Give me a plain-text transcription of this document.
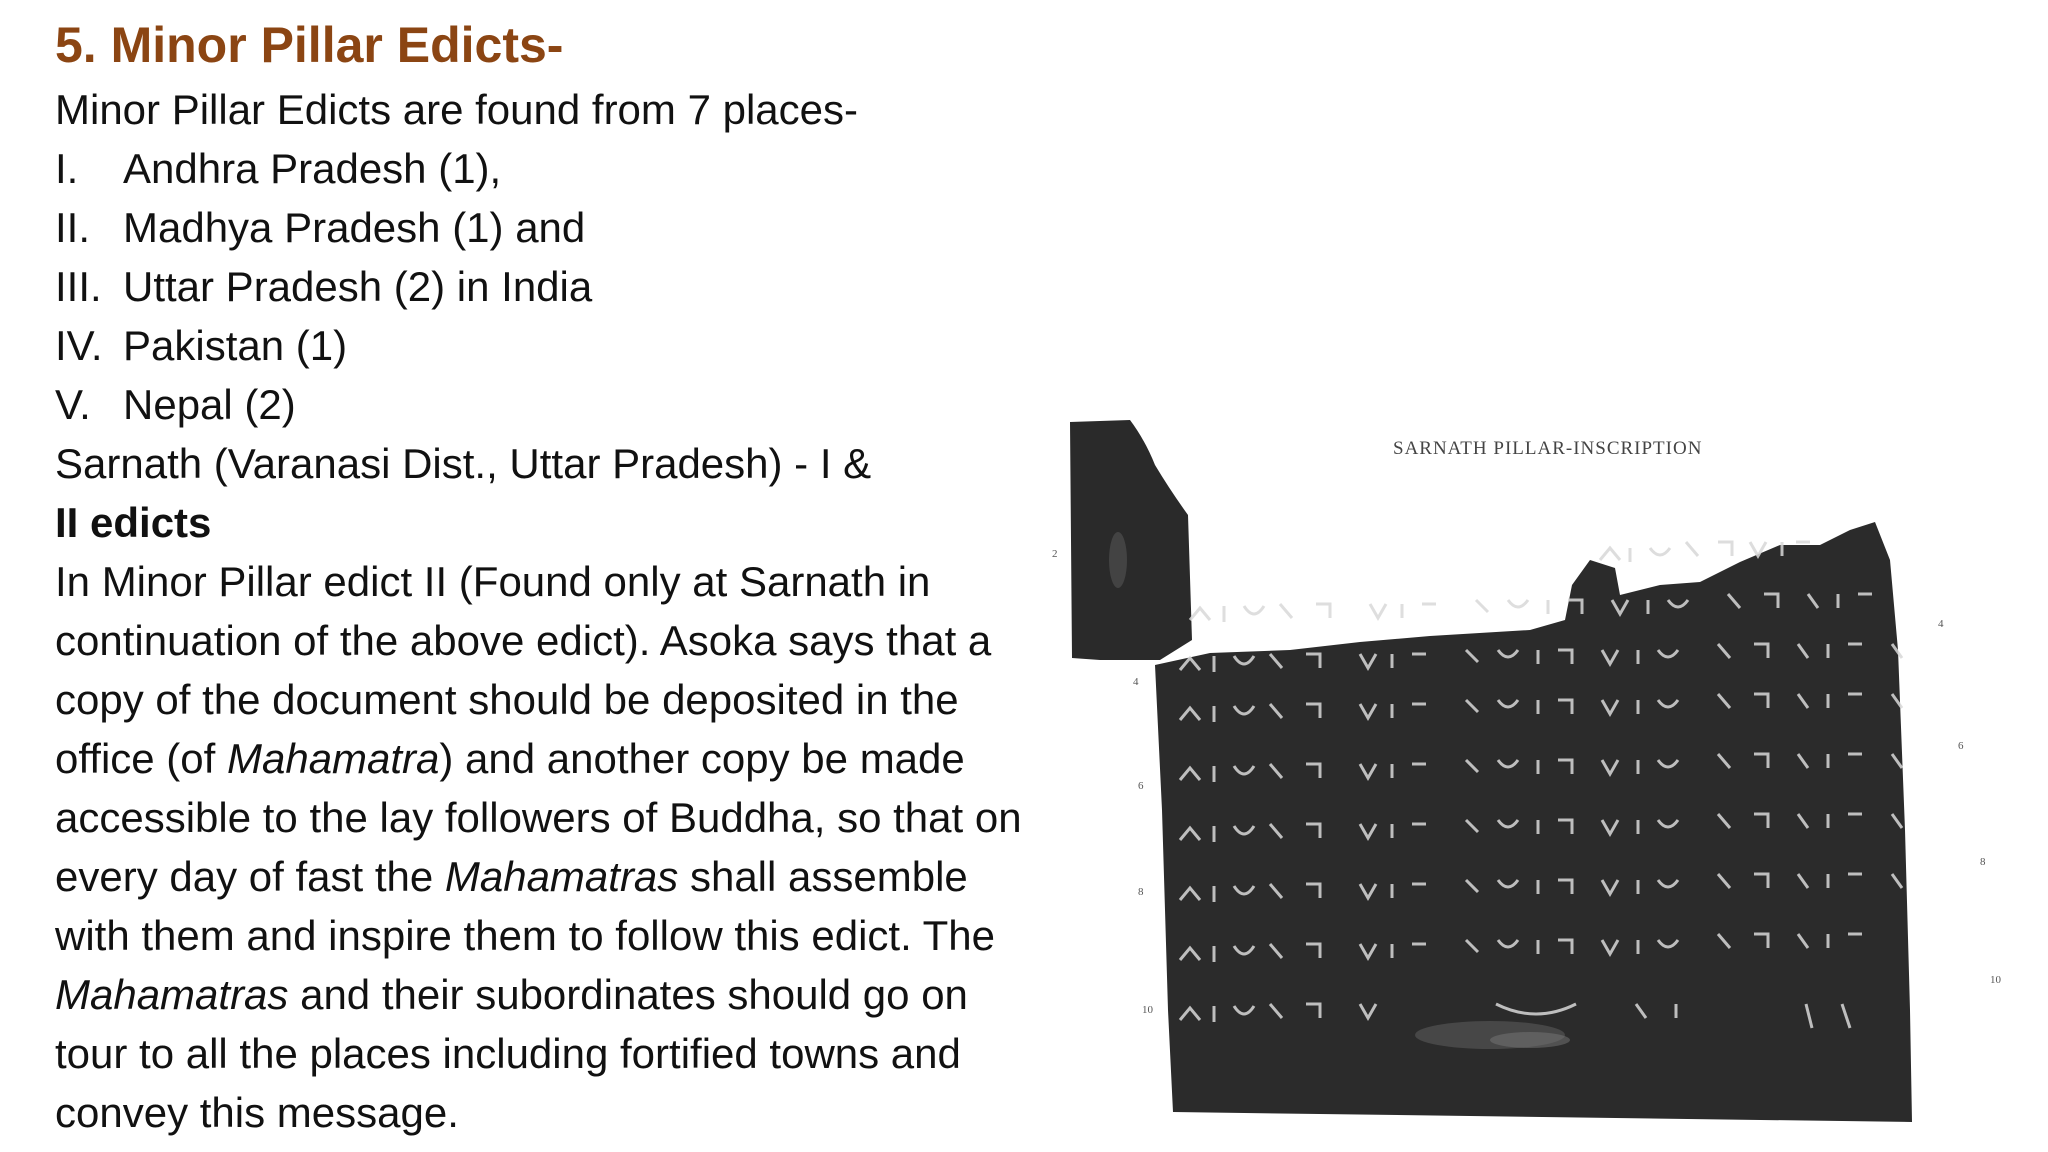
5. Minor Pillar Edicts-
Minor Pillar Edicts are found from 7 places-
I.	Andhra Pradesh (1),
II. Madhya Pradesh (1) and
III. Uttar Pradesh (2) in India
IV. Pakistan (1)
V. Nepal (2)
Sarnath (Varanasi Dist., Uttar Pradesh) - I &
II edicts
In Minor Pillar edict II (Found only at Sarnath in
continuation of the above edict). Asoka says that a
copy of the document should be deposited in the
office (of Mahamatra) and another copy be made
accessible to the lay followers of Buddha, so that on
every day of fast the Mahamatras shall assemble
with them and inspire them to follow this edict. The
Mahamatras and their subordinates should go on
tour to all the places including fortified towns and
convey this message.
SARNATH PILLAR-INSCRIPTION
2
4
6
8
10
4
6
8
10
